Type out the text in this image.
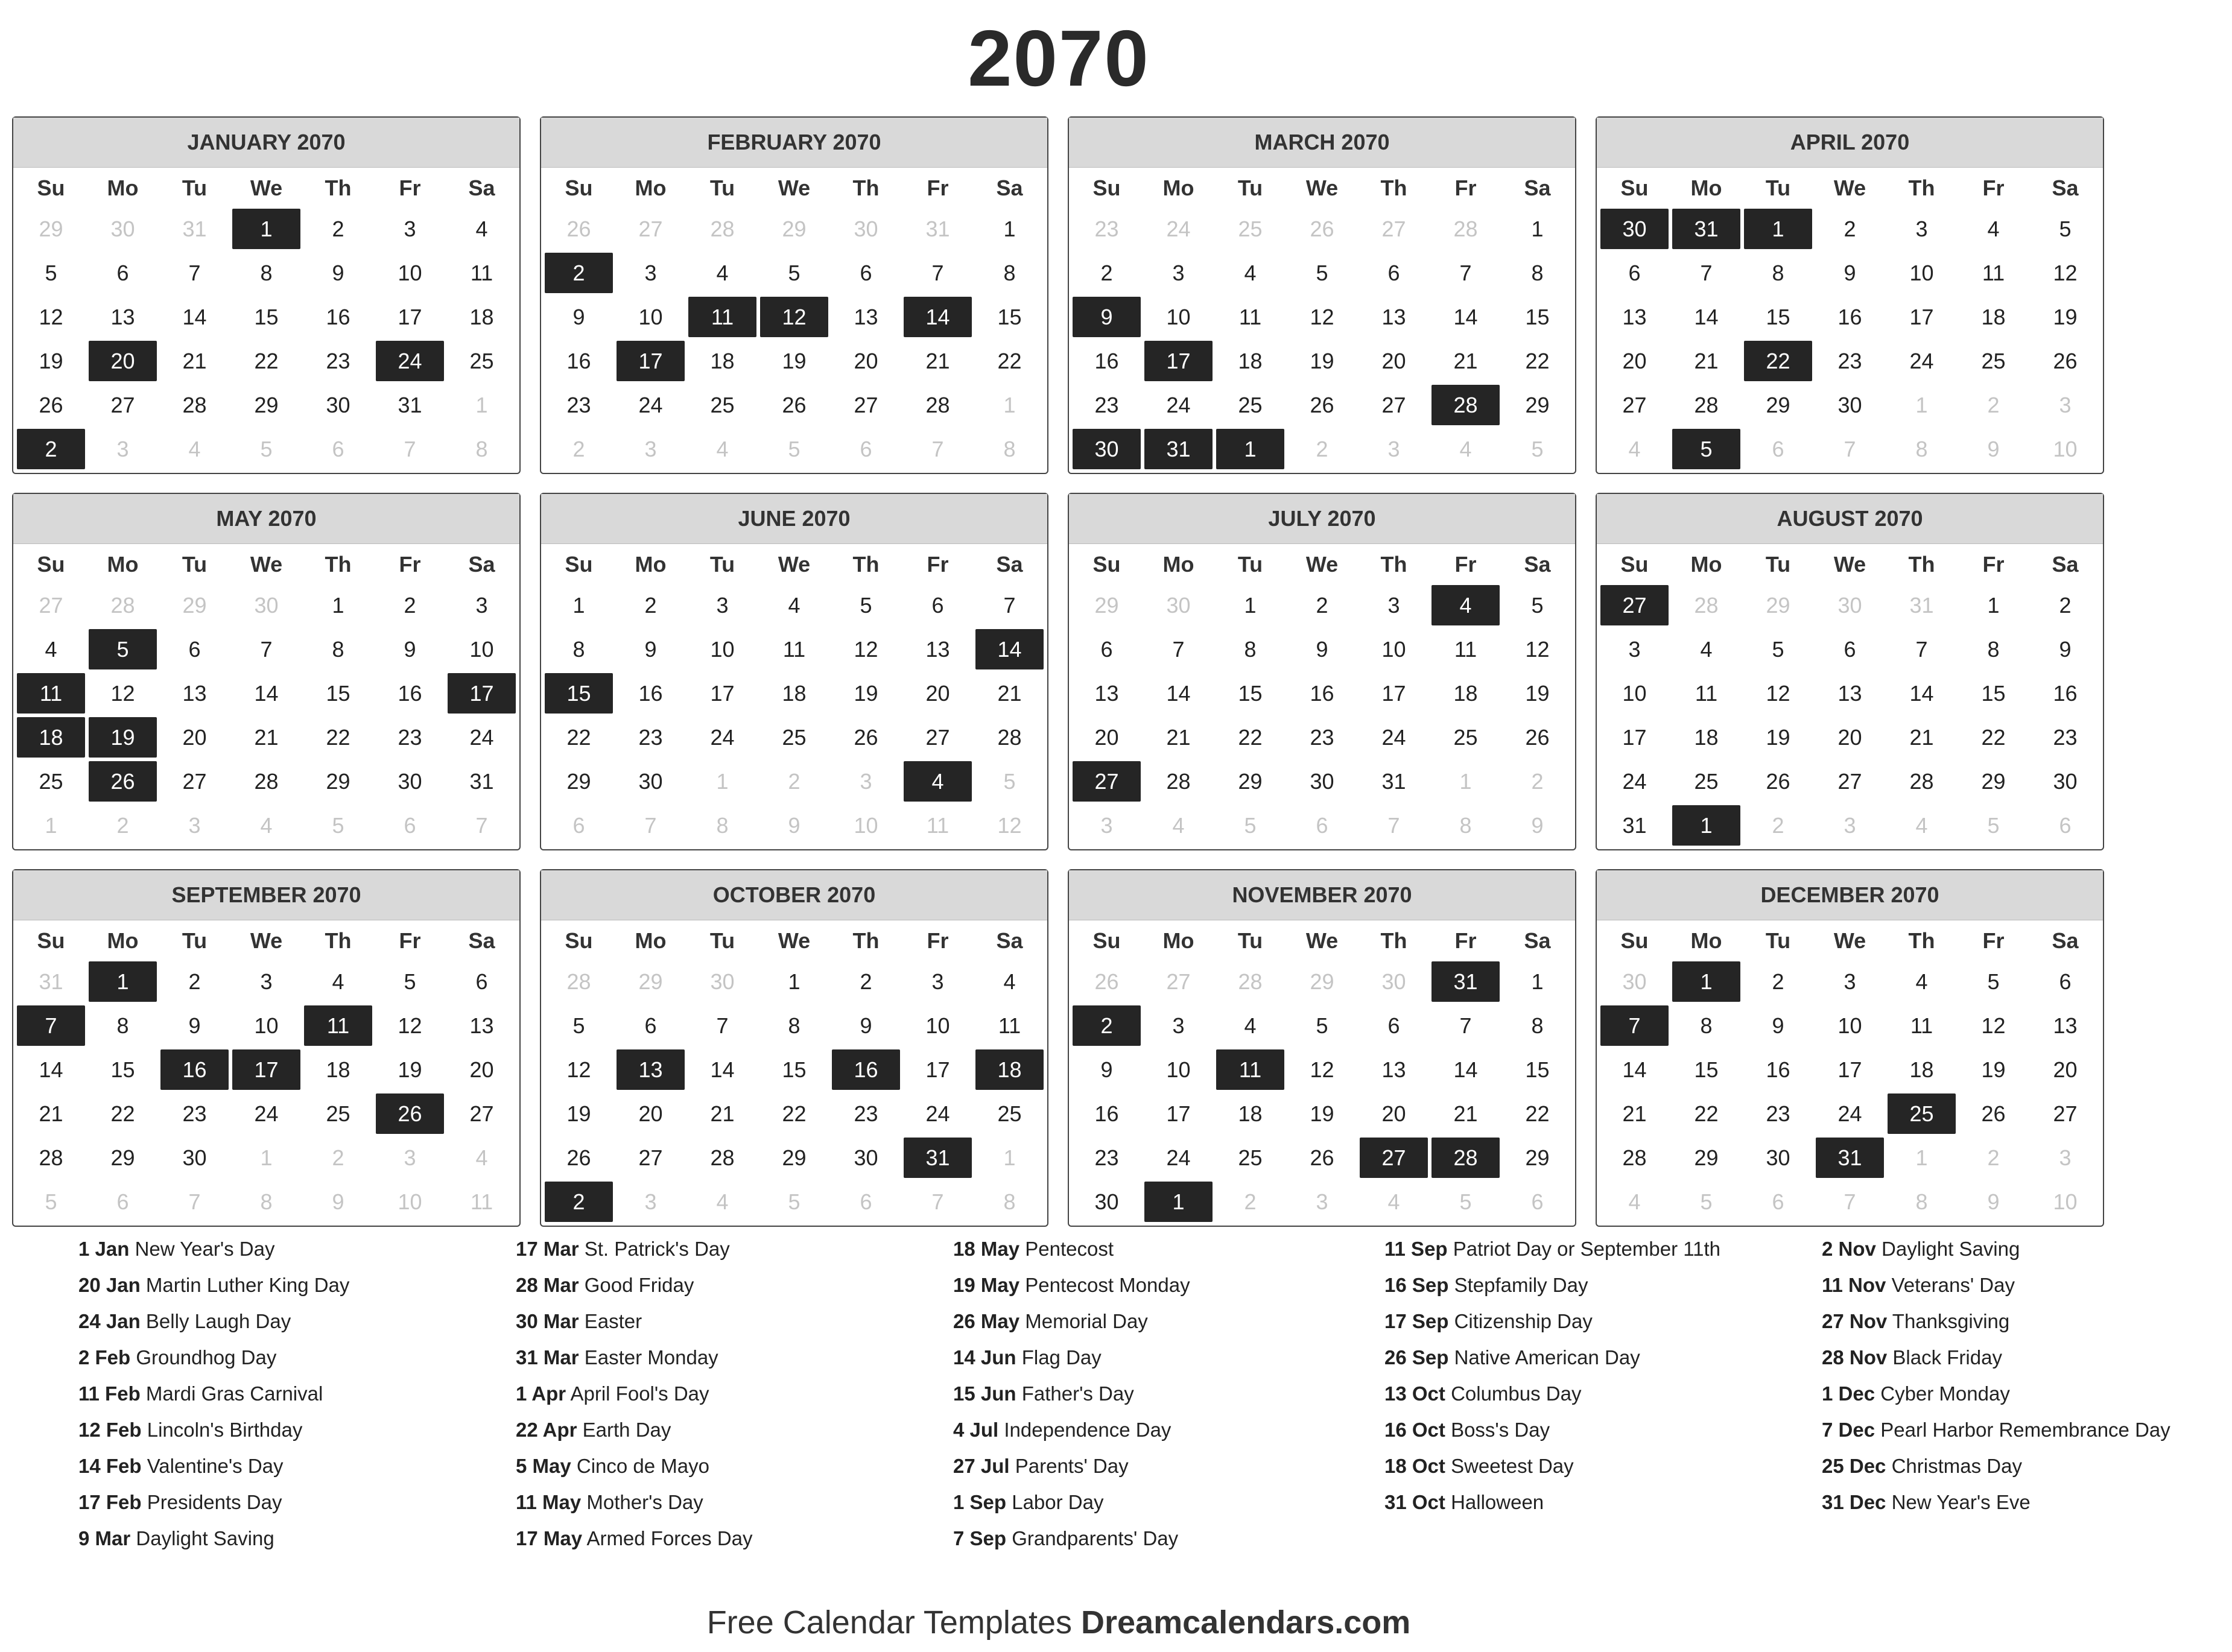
2070
JANUARY 2070
Su	Mo	Tu	We	Th	Fr	Sa
29	30	31	1	2	3	4
5	6	7	8	9	10	11
12	13	14	15	16	17	18
19	20	21	22	23	24	25
26	27	28	29	30	31	1
2	3	4	5	6	7	8
FEBRUARY 2070
Su	Mo	Tu	We	Th	Fr	Sa
26	27	28	29	30	31	1
2	3	4	5	6	7	8
9	10	11	12	13	14	15
16	17	18	19	20	21	22
23	24	25	26	27	28	1
2	3	4	5	6	7	8
MARCH 2070
Su	Mo	Tu	We	Th	Fr	Sa
23	24	25	26	27	28	1
2	3	4	5	6	7	8
9	10	11	12	13	14	15
16	17	18	19	20	21	22
23	24	25	26	27	28	29
30	31	1	2	3	4	5
APRIL 2070
Su	Mo	Tu	We	Th	Fr	Sa
30	31	1	2	3	4	5
6	7	8	9	10	11	12
13	14	15	16	17	18	19
20	21	22	23	24	25	26
27	28	29	30	1	2	3
4	5	6	7	8	9	10
MAY 2070
Su	Mo	Tu	We	Th	Fr	Sa
27	28	29	30	1	2	3
4	5	6	7	8	9	10
11	12	13	14	15	16	17
18	19	20	21	22	23	24
25	26	27	28	29	30	31
1	2	3	4	5	6	7
JUNE 2070
Su	Mo	Tu	We	Th	Fr	Sa
1	2	3	4	5	6	7
8	9	10	11	12	13	14
15	16	17	18	19	20	21
22	23	24	25	26	27	28
29	30	1	2	3	4	5
6	7	8	9	10	11	12
JULY 2070
Su	Mo	Tu	We	Th	Fr	Sa
29	30	1	2	3	4	5
6	7	8	9	10	11	12
13	14	15	16	17	18	19
20	21	22	23	24	25	26
27	28	29	30	31	1	2
3	4	5	6	7	8	9
AUGUST 2070
Su	Mo	Tu	We	Th	Fr	Sa
27	28	29	30	31	1	2
3	4	5	6	7	8	9
10	11	12	13	14	15	16
17	18	19	20	21	22	23
24	25	26	27	28	29	30
31	1	2	3	4	5	6
SEPTEMBER 2070
Su	Mo	Tu	We	Th	Fr	Sa
31	1	2	3	4	5	6
7	8	9	10	11	12	13
14	15	16	17	18	19	20
21	22	23	24	25	26	27
28	29	30	1	2	3	4
5	6	7	8	9	10	11
OCTOBER 2070
Su	Mo	Tu	We	Th	Fr	Sa
28	29	30	1	2	3	4
5	6	7	8	9	10	11
12	13	14	15	16	17	18
19	20	21	22	23	24	25
26	27	28	29	30	31	1
2	3	4	5	6	7	8
NOVEMBER 2070
Su	Mo	Tu	We	Th	Fr	Sa
26	27	28	29	30	31	1
2	3	4	5	6	7	8
9	10	11	12	13	14	15
16	17	18	19	20	21	22
23	24	25	26	27	28	29
30	1	2	3	4	5	6
DECEMBER 2070
Su	Mo	Tu	We	Th	Fr	Sa
30	1	2	3	4	5	6
7	8	9	10	11	12	13
14	15	16	17	18	19	20
21	22	23	24	25	26	27
28	29	30	31	1	2	3
4	5	6	7	8	9	10
1 Jan New Year's Day
20 Jan Martin Luther King Day
24 Jan Belly Laugh Day
2 Feb Groundhog Day
11 Feb Mardi Gras Carnival
12 Feb Lincoln's Birthday
14 Feb Valentine's Day
17 Feb Presidents Day
9 Mar Daylight Saving
17 Mar St. Patrick's Day
28 Mar Good Friday
30 Mar Easter
31 Mar Easter Monday
1 Apr April Fool's Day
22 Apr Earth Day
5 May Cinco de Mayo
11 May Mother's Day
17 May Armed Forces Day
18 May Pentecost
19 May Pentecost Monday
26 May Memorial Day
14 Jun Flag Day
15 Jun Father's Day
4 Jul Independence Day
27 Jul Parents' Day
1 Sep Labor Day
7 Sep Grandparents' Day
11 Sep Patriot Day or September 11th
16 Sep Stepfamily Day
17 Sep Citizenship Day
26 Sep Native American Day
13 Oct Columbus Day
16 Oct Boss's Day
18 Oct Sweetest Day
31 Oct Halloween
2 Nov Daylight Saving
11 Nov Veterans' Day
27 Nov Thanksgiving
28 Nov Black Friday
1 Dec Cyber Monday
7 Dec Pearl Harbor Remembrance Day
25 Dec Christmas Day
31 Dec New Year's Eve
Free Calendar Templates Dreamcalendars.com
